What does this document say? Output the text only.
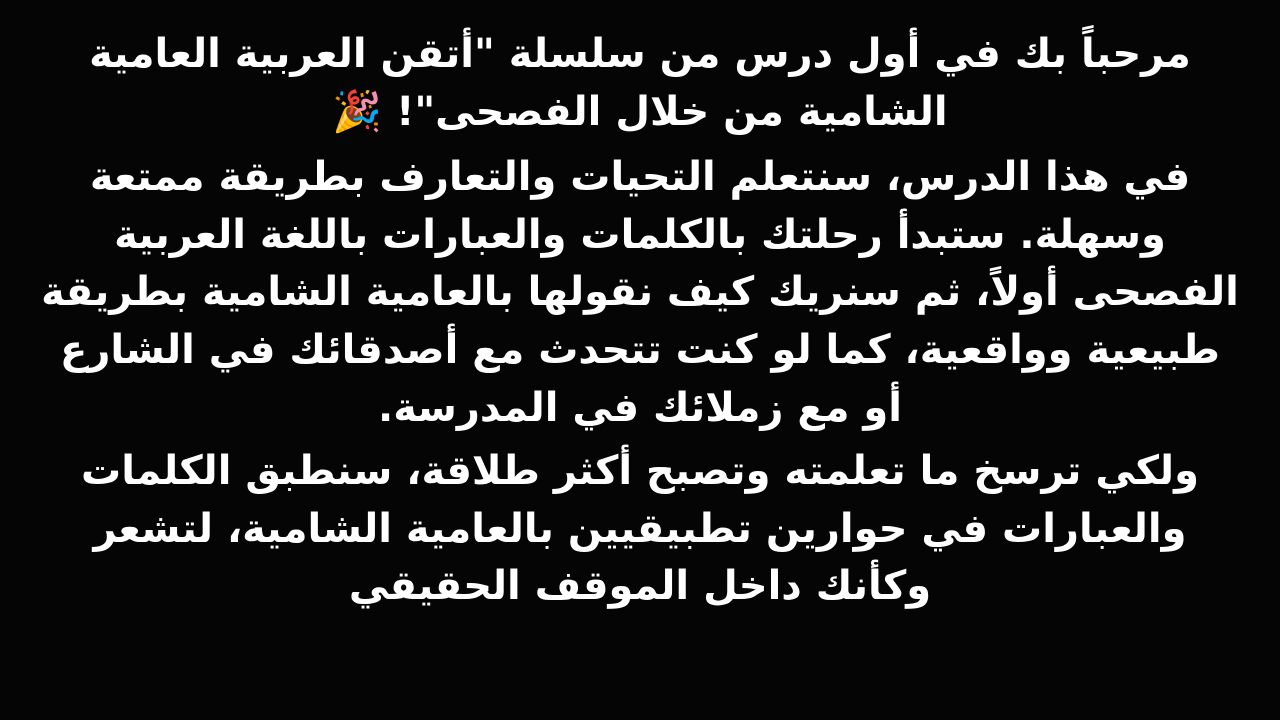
مرحباً بك في أول درس من سلسلة "أتقن العربية العامية الشامية من خلال الفصحى"! 🎉

في هذا الدرس، سنتعلم التحيات والتعارف بطريقة ممتعة وسهلة. ستبدأ رحلتك بالكلمات والعبارات باللغة العربية الفصحى أولاً، ثم سنريك كيف نقولها بالعامية الشامية بطريقة طبيعية وواقعية، كما لو كنت تتحدث مع أصدقائك في الشارع أو مع زملائك في المدرسة.

ولكي ترسخ ما تعلمته وتصبح أكثر طلاقة، سنطبق الكلمات والعبارات في حوارين تطبيقيين بالعامية الشامية، لتشعر وكأنك داخل الموقف الحقيقي
